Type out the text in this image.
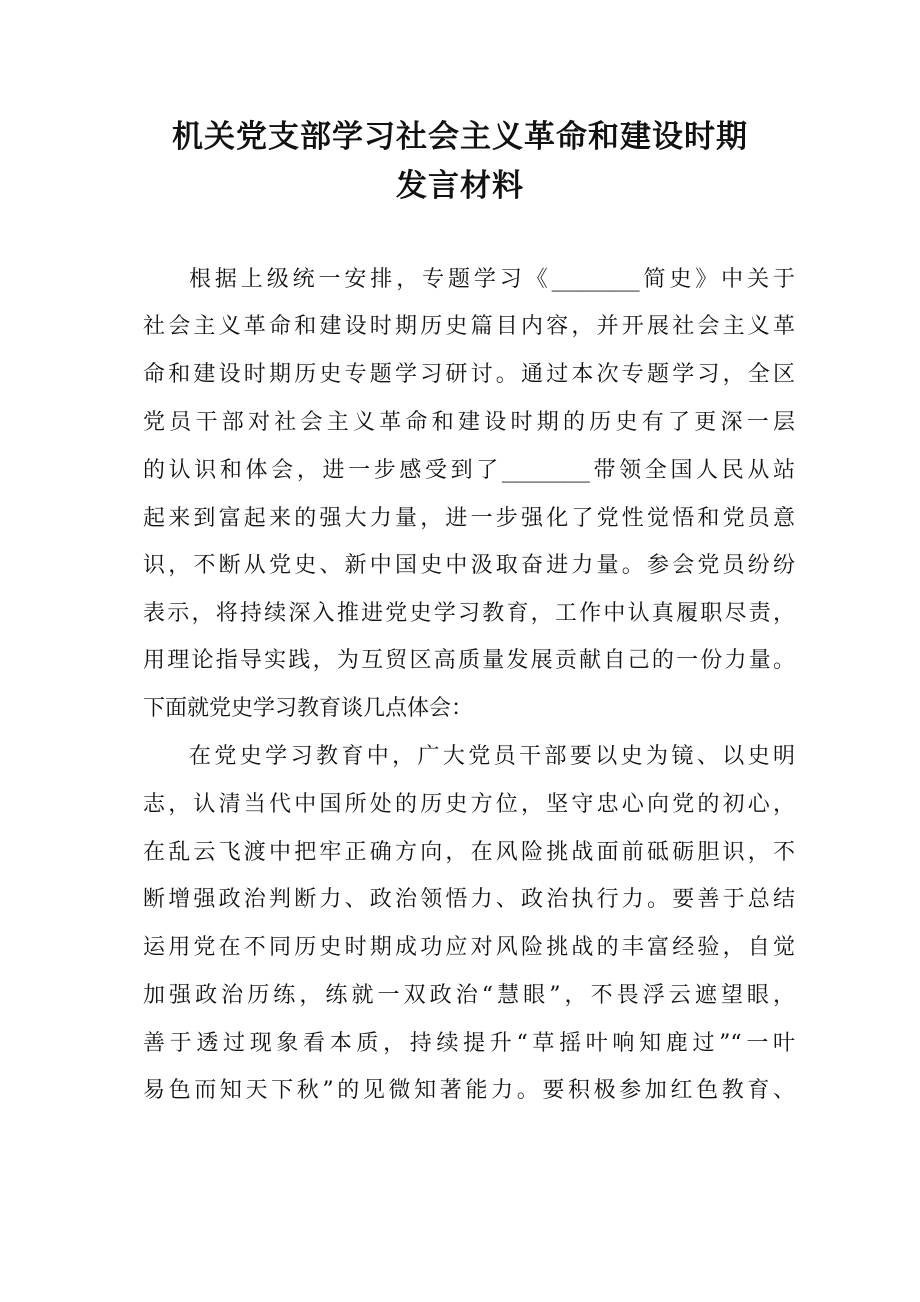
机关党支部学习社会主义革命和建设时期
发言材料

根据上级统一安排，专题学习《________简史》中关于

社会主义革命和建设时期历史篇目内容，并开展社会主义革

命和建设时期历史专题学习研讨。通过本次专题学习，全区

党员干部对社会主义革命和建设时期的历史有了更深一层

的认识和体会，进一步感受到了________带领全国人民从站

起来到富起来的强大力量，进一步强化了党性觉悟和党员意

识，不断从党史、新中国史中汲取奋进力量。参会党员纷纷

表示，将持续深入推进党史学习教育，工作中认真履职尽责，

用理论指导实践，为互贸区高质量发展贡献自己的一份力量。

下面就党史学习教育谈几点体会：

在党史学习教育中，广大党员干部要以史为镜、以史明

志，认清当代中国所处的历史方位，坚守忠心向党的初心，

在乱云飞渡中把牢正确方向，在风险挑战面前砥砺胆识，不

断增强政治判断力、政治领悟力、政治执行力。要善于总结

运用党在不同历史时期成功应对风险挑战的丰富经验，自觉

加强政治历练，练就一双政治“慧眼”，不畏浮云遮望眼，

善于透过现象看本质，持续提升“草摇叶响知鹿过”“一叶

易色而知天下秋”的见微知著能力。要积极参加红色教育、
